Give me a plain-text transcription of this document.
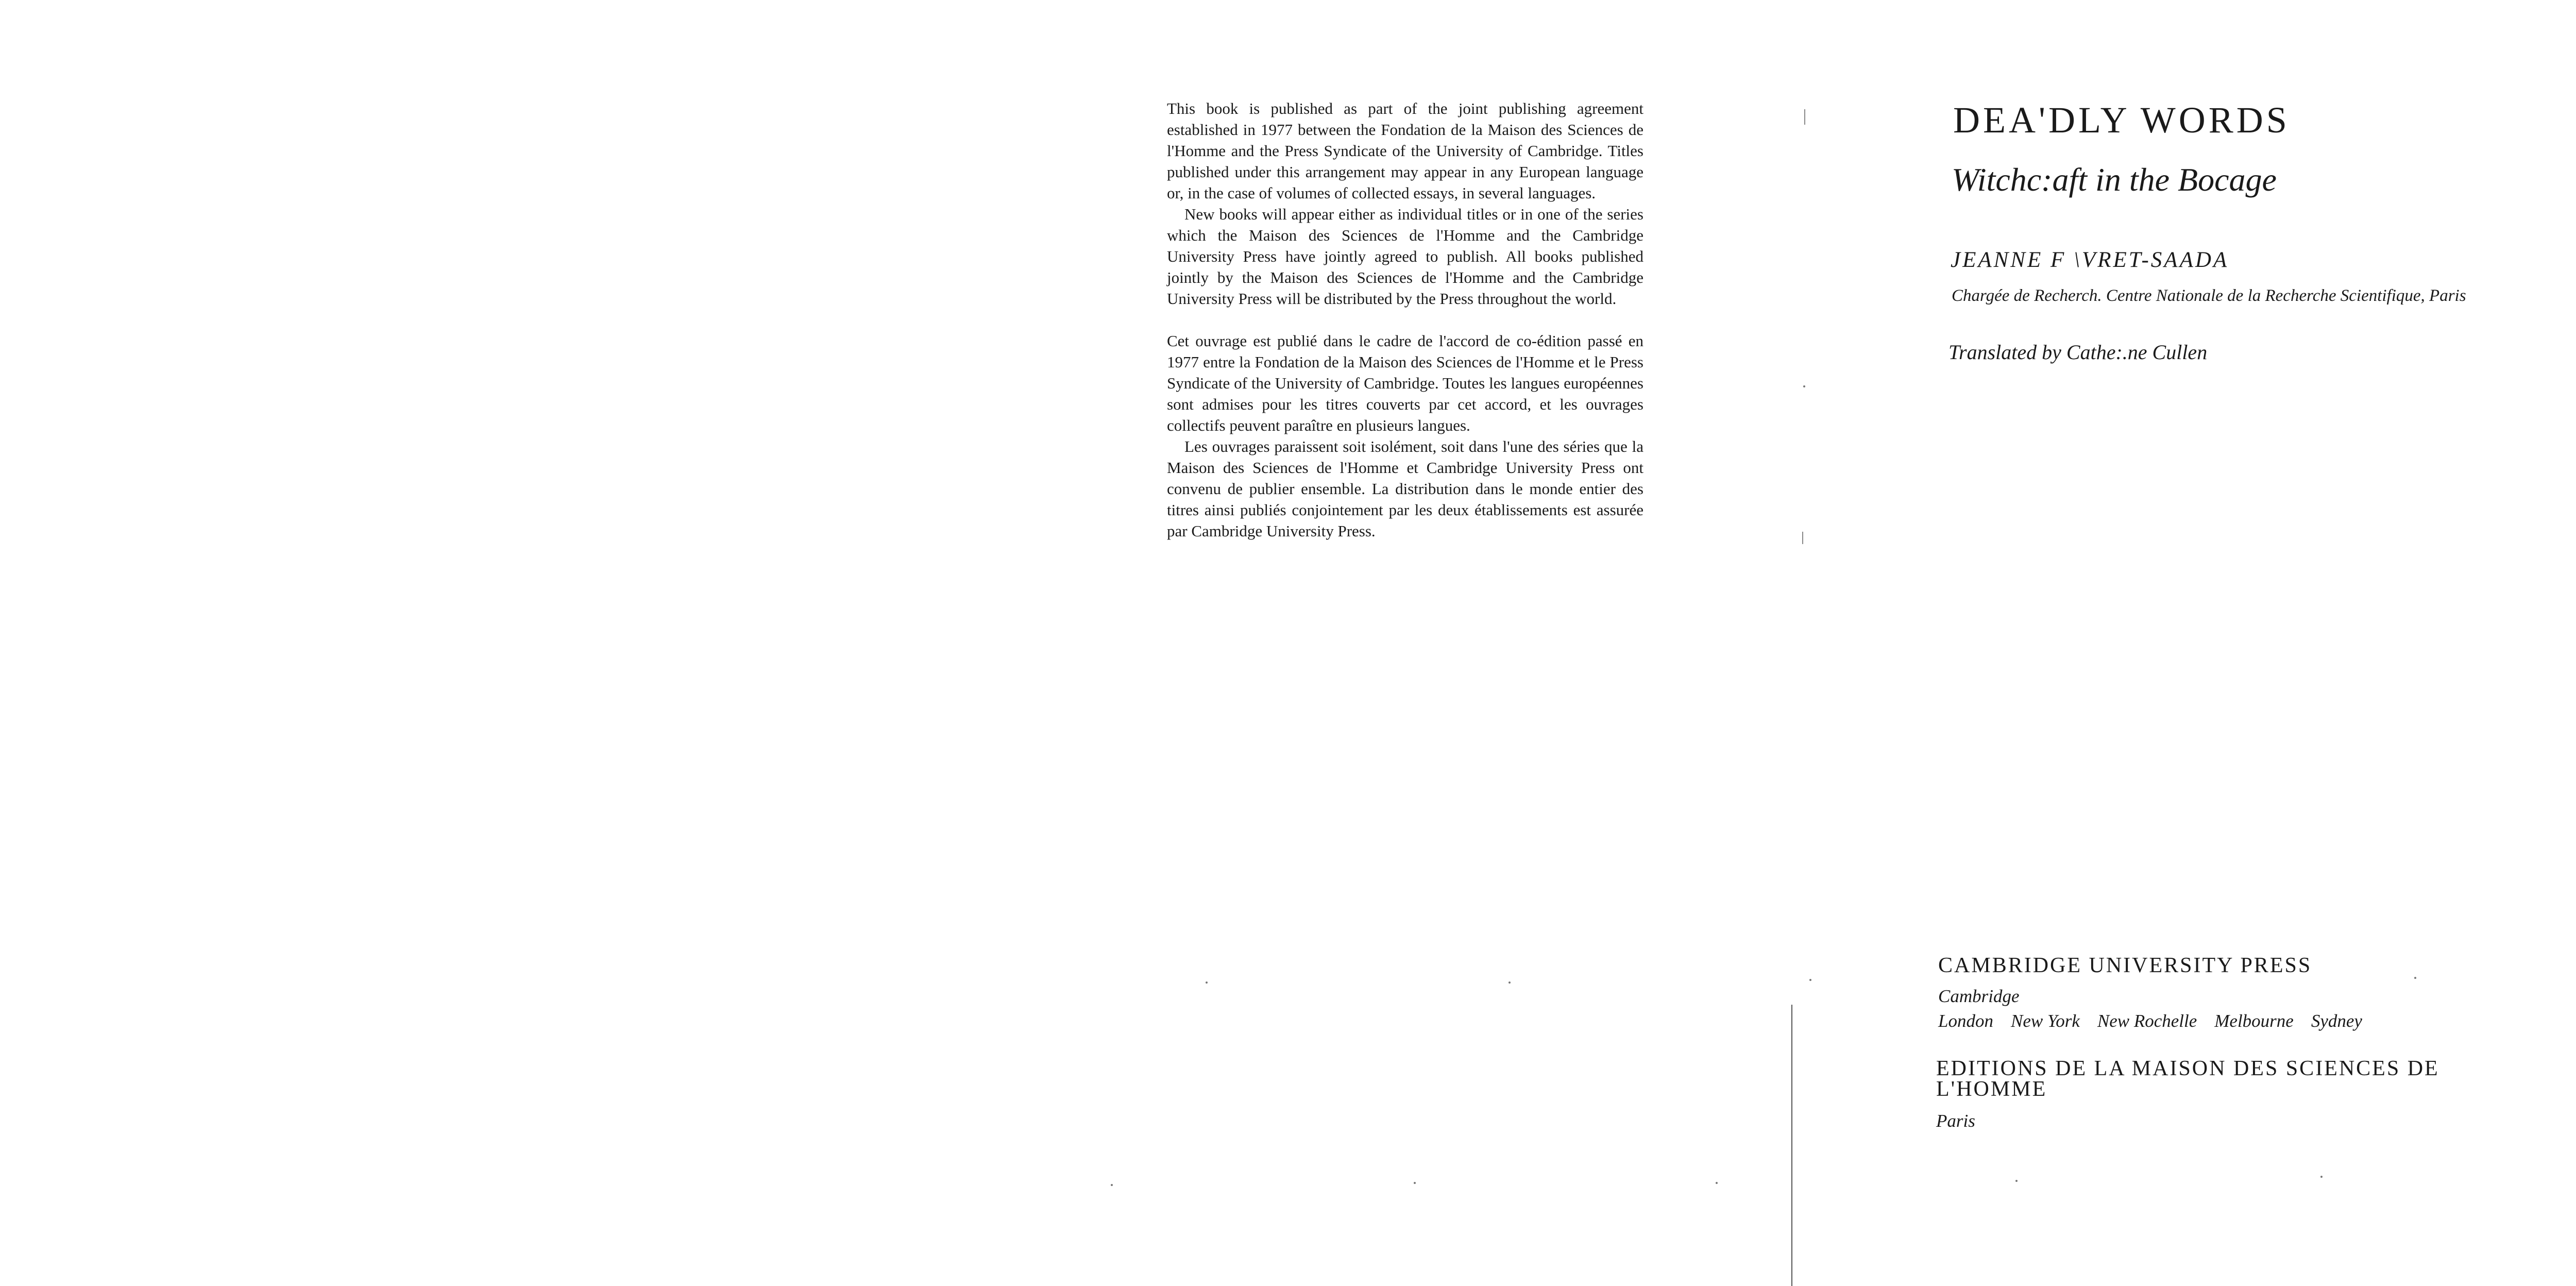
This book is published as part of the joint publishing agreement established in 1977 between the Fondation de la Maison des Sciences de l'Homme and the Press Syndicate of the University of Cambridge. Titles published under this arrangement may appear in any European language or, in the case of volumes of collected essays, in several languages.

New books will appear either as individual titles or in one of the series which the Maison des Sciences de l'Homme and the Cambridge University Press have jointly agreed to publish. All books published jointly by the Maison des Sciences de l'Homme and the Cambridge University Press will be distributed by the Press throughout the world.

Cet ouvrage est publié dans le cadre de l'accord de co-édition passé en 1977 entre la Fondation de la Maison des Sciences de l'Homme et le Press Syndicate of the University of Cambridge. Toutes les langues européennes sont admises pour les titres couverts par cet accord, et les ouvrages collectifs peuvent paraître en plusieurs langues.

Les ouvrages paraissent soit isolément, soit dans l'une des séries que la Maison des Sciences de l'Homme et Cambridge University Press ont convenu de publier ensemble. La distribution dans le monde entier des titres ainsi publiés conjointement par les deux établissements est assurée par Cambridge University Press.

DEA'DLY WORDS
Witchc:aft in the Bocage
JEANNE F \VRET-SAADA
Chargée de Recherch. Centre Nationale de la Recherche Scientifique, Paris
Translated by Cathe:.ne Cullen
CAMBRIDGE UNIVERSITY PRESS
Cambridge
London New York New Rochelle Melbourne Sydney
EDITIONS DE LA MAISON DES SCIENCES DE L'HOMME
Paris
